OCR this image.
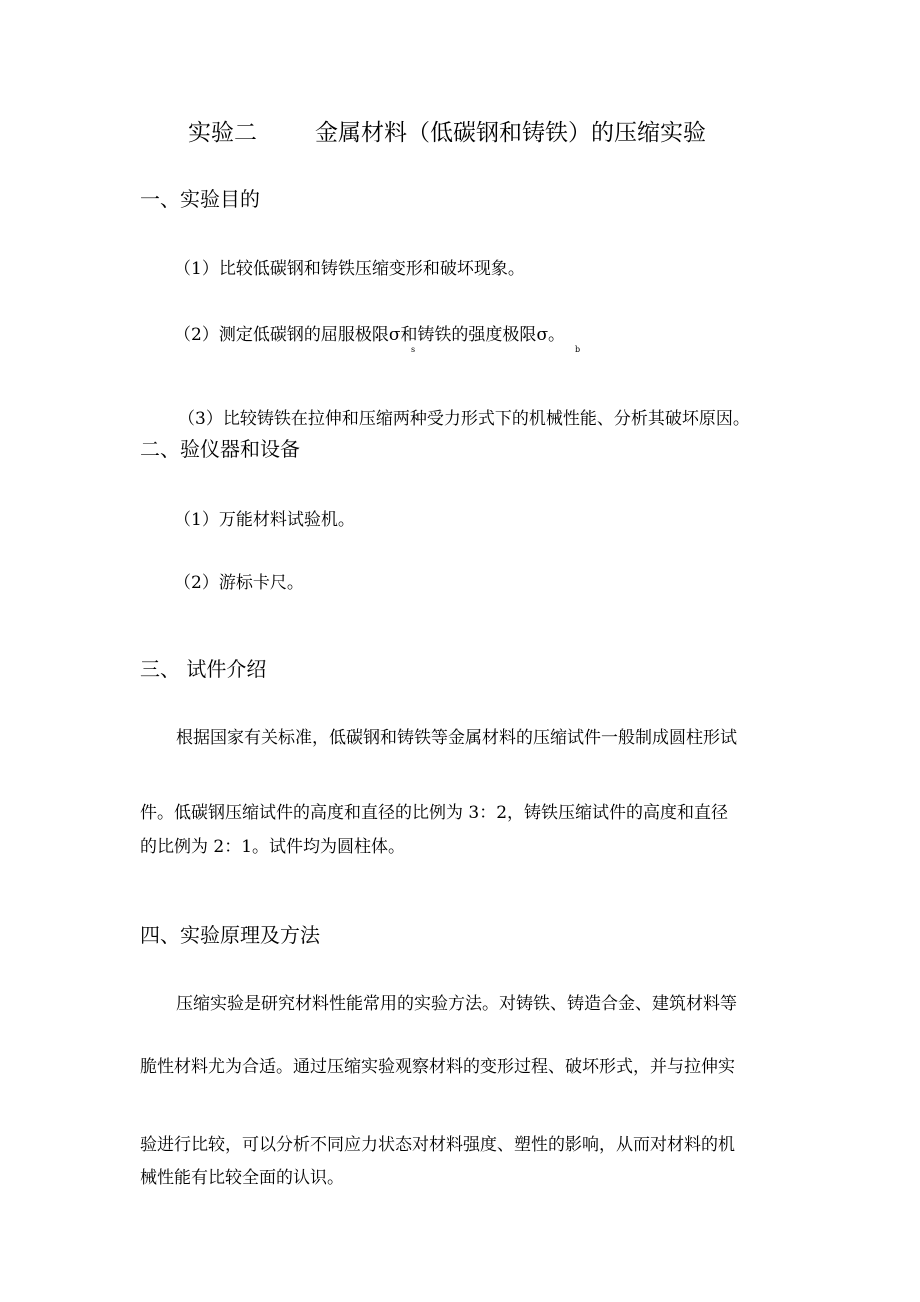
实验二	金属材料（低碳钢和铸铁）的压缩实验
一、实验目的
（1）比较低碳钢和铸铁压缩变形和破坏现象。
（2）测定低碳钢的屈服极限σ和铸铁的强度极限σ。
s	b
（3）比较铸铁在拉伸和压缩两种受力形式下的机械性能、分析其破坏原因。
二、验仪器和设备
（1）万能材料试验机。
（2）游标卡尺。
三、 试件介绍
根据国家有关标准，低碳钢和铸铁等金属材料的压缩试件一般制成圆柱形试
件。低碳钢压缩试件的高度和直径的比例为 3：2，铸铁压缩试件的高度和直径
的比例为 2：1。试件均为圆柱体。
四、实验原理及方法
压缩实验是研究材料性能常用的实验方法。对铸铁、铸造合金、建筑材料等
脆性材料尤为合适。通过压缩实验观察材料的变形过程、破坏形式，并与拉伸实
验进行比较，可以分析不同应力状态对材料强度、塑性的影响，从而对材料的机
械性能有比较全面的认识。
